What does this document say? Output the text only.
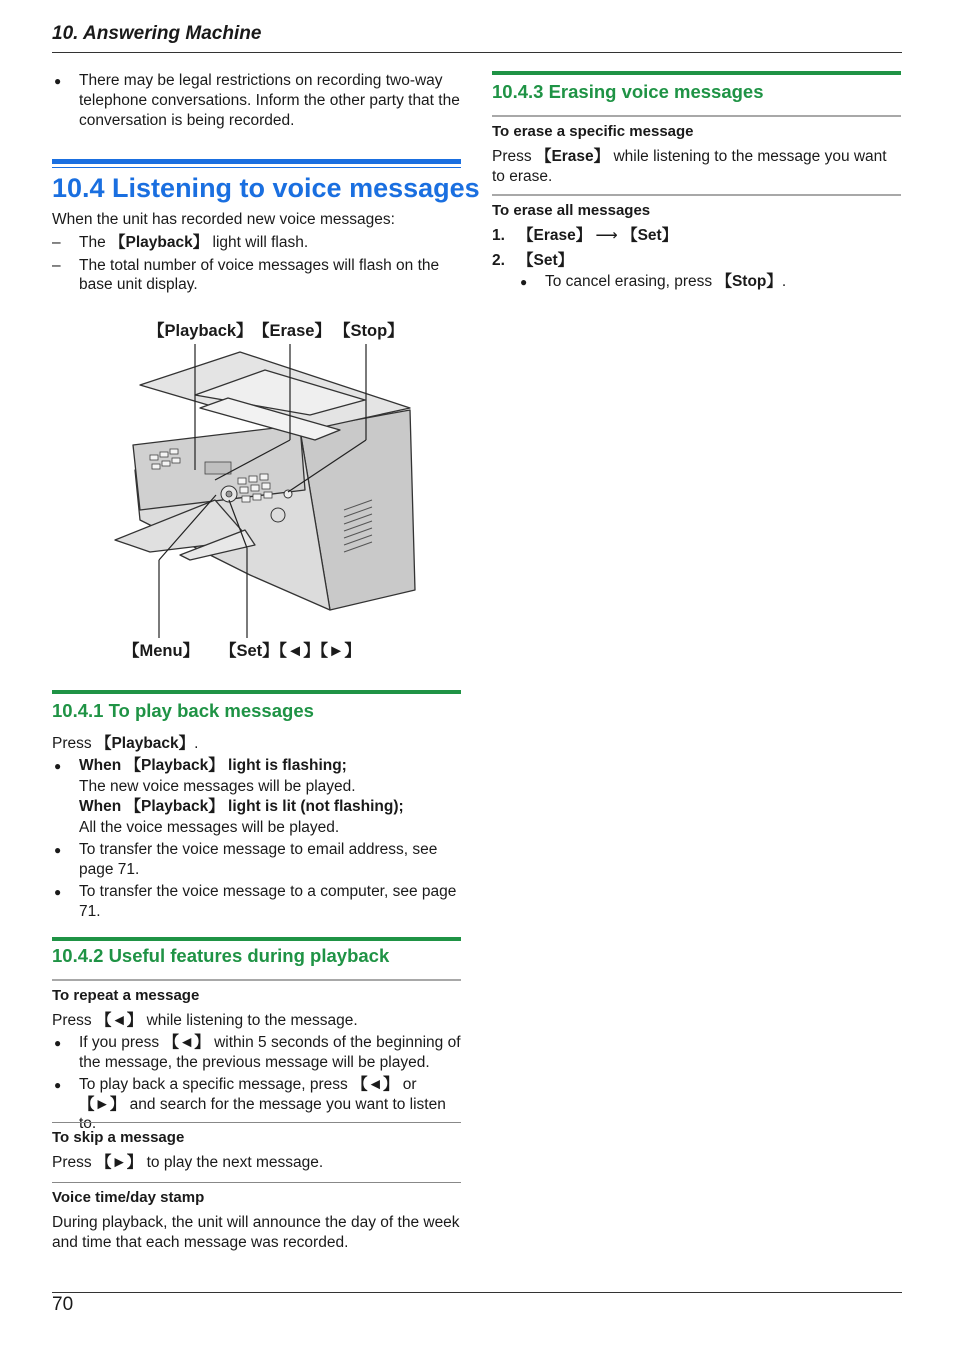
10. Answering Machine
● There may be legal restrictions on recording two-way telephone conversations. Inform the other party that the conversation is being recorded.
10.4 Listening to voice messages
When the unit has recorded new voice messages:
– The 【Playback】 light will flash.
– The total number of voice messages will flash on the base unit display.
【Playback】 【Erase】 【Stop】
【Menu】 【Set】【◄】【►】
10.4.1 To play back messages
Press 【Playback】.
● When 【Playback】 light is flashing;
The new voice messages will be played.
When 【Playback】 light is lit (not flashing);
All the voice messages will be played.
● To transfer the voice message to email address, see page 71.
● To transfer the voice message to a computer, see page 71.
10.4.2 Useful features during playback
To repeat a message
Press 【◄】 while listening to the message.
● If you press 【◄】 within 5 seconds of the beginning of the message, the previous message will be played.
● To play back a specific message, press 【◄】 or 【►】 and search for the message you want to listen to.
To skip a message
Press 【►】 to play the next message.
Voice time/day stamp
During playback, the unit will announce the day of the week and time that each message was recorded.
10.4.3 Erasing voice messages
To erase a specific message
Press 【Erase】 while listening to the message you want to erase.
To erase all messages
1. 【Erase】 ⟶ 【Set】
2. 【Set】
● To cancel erasing, press 【Stop】.
70
